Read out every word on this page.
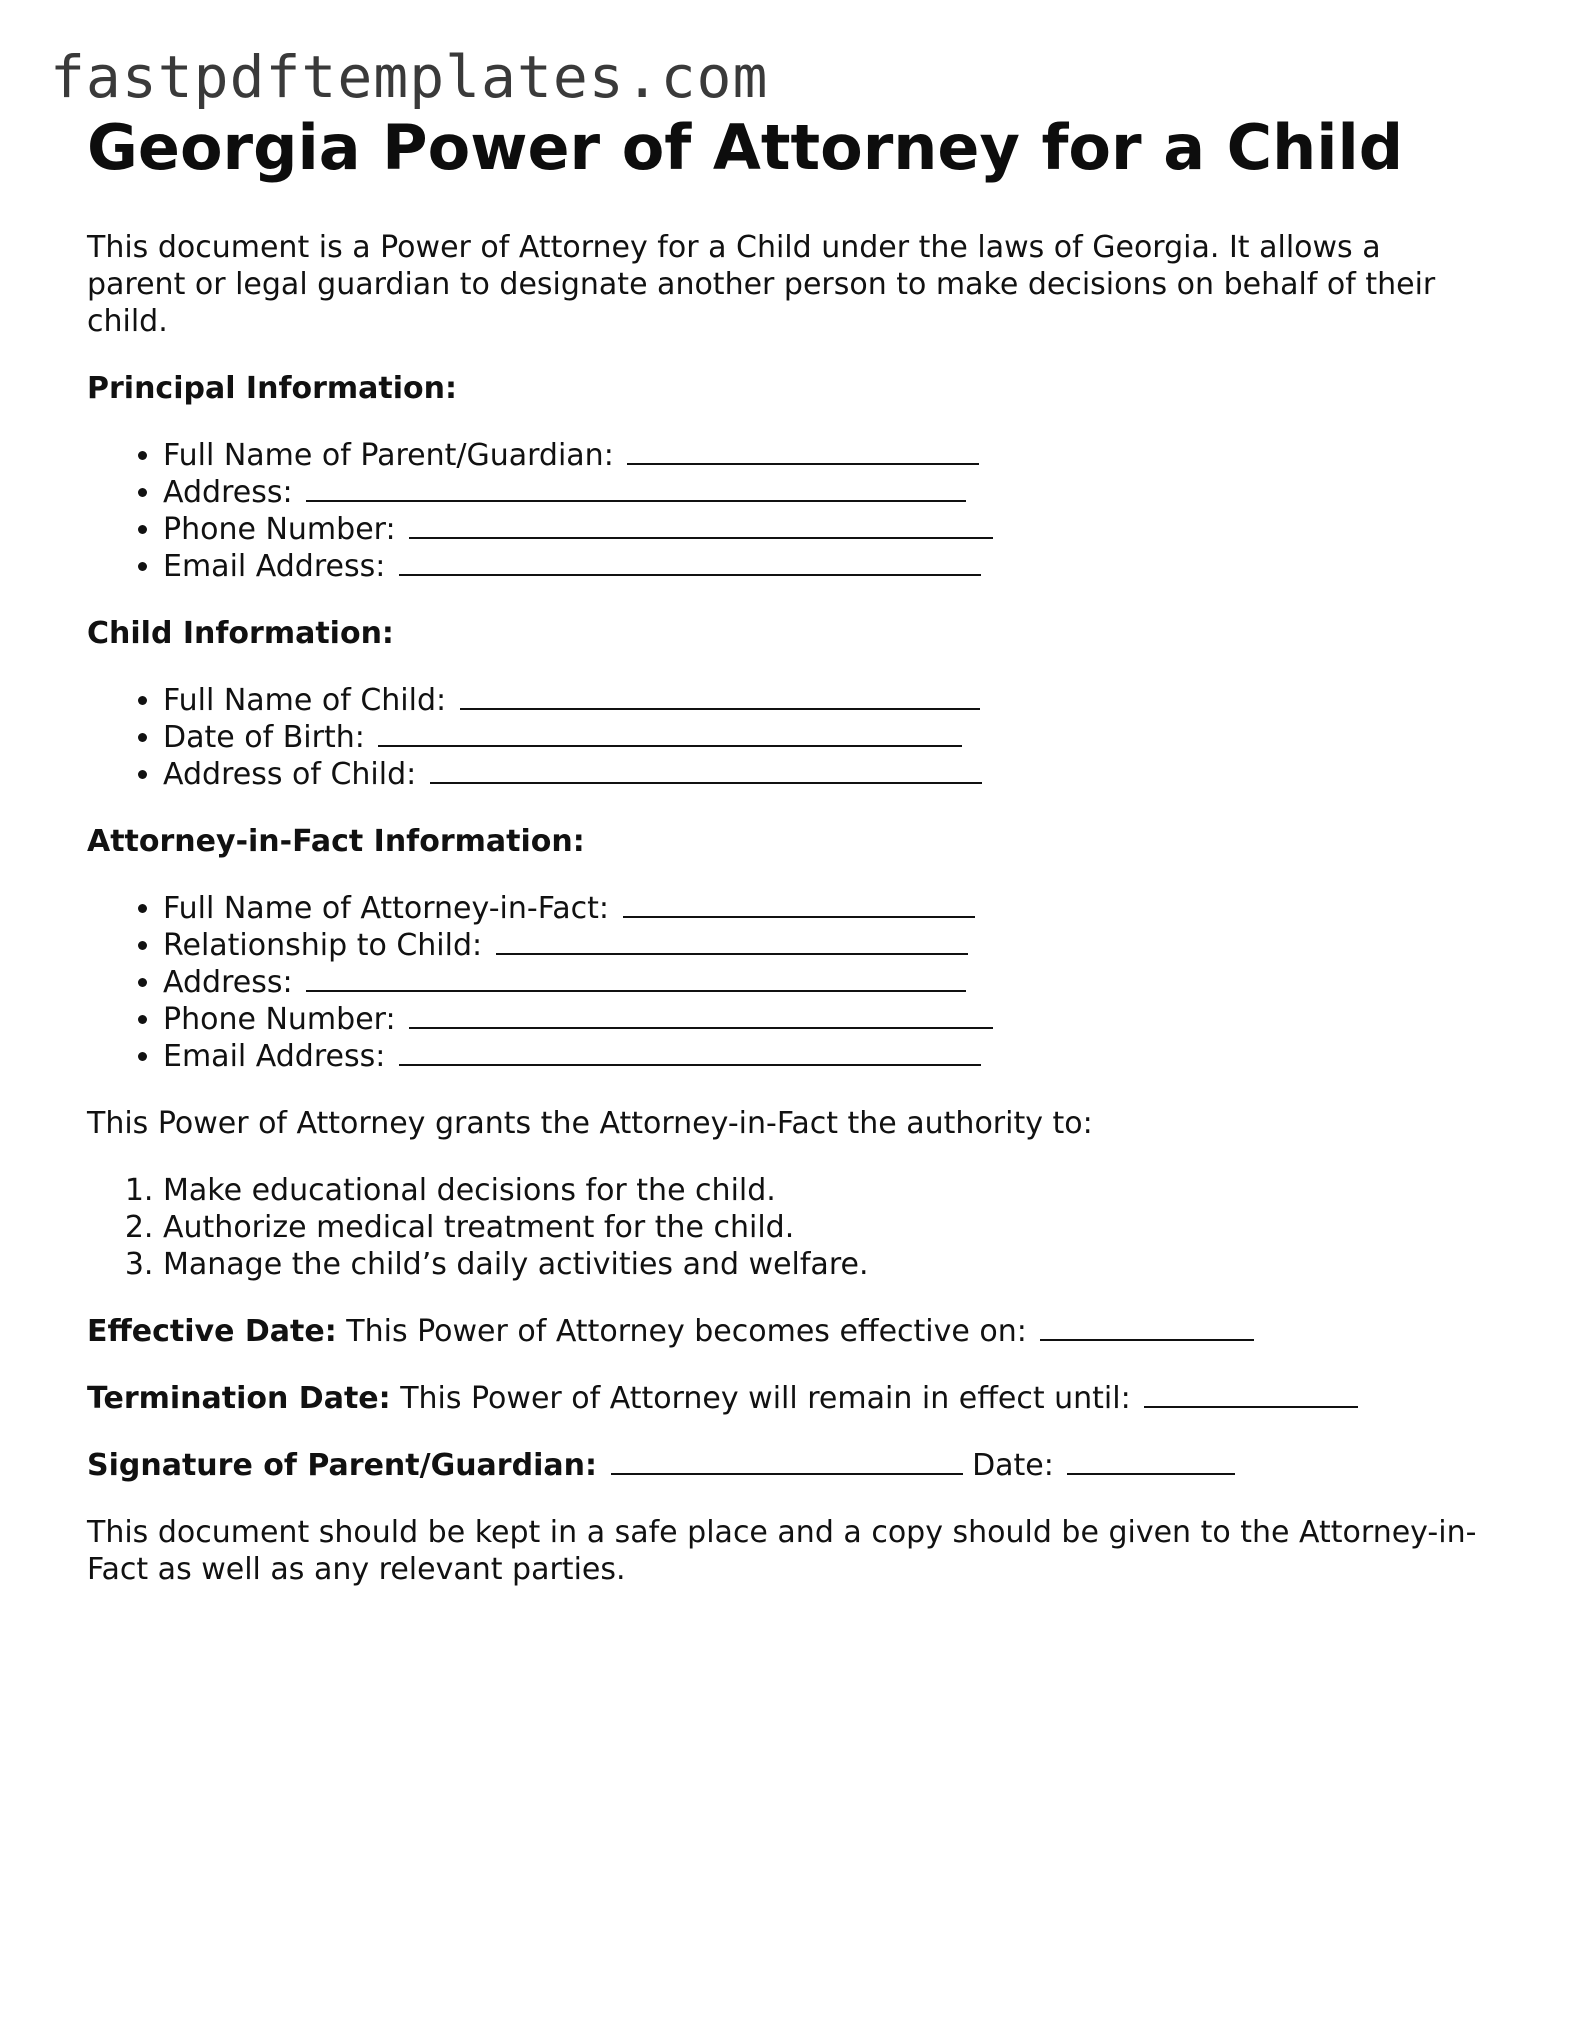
fastpdftemplates.com
Georgia Power of Attorney for a Child

This document is a Power of Attorney for a Child under the laws of Georgia. It allows a parent or legal guardian to designate another person to make decisions on behalf of their child.

Principal Information:

• Full Name of Parent/Guardian:
• Address:
• Phone Number:
• Email Address:

Child Information:

• Full Name of Child:
• Date of Birth:
• Address of Child:

Attorney-in-Fact Information:

• Full Name of Attorney-in-Fact:
• Relationship to Child:
• Address:
• Phone Number:
• Email Address:

This Power of Attorney grants the Attorney-in-Fact the authority to:

1. Make educational decisions for the child.
2. Authorize medical treatment for the child.
3. Manage the child’s daily activities and welfare.

Effective Date: This Power of Attorney becomes effective on:

Termination Date: This Power of Attorney will remain in effect until:

Signature of Parent/Guardian:	Date:

This document should be kept in a safe place and a copy should be given to the Attorney-in-Fact as well as any relevant parties.
